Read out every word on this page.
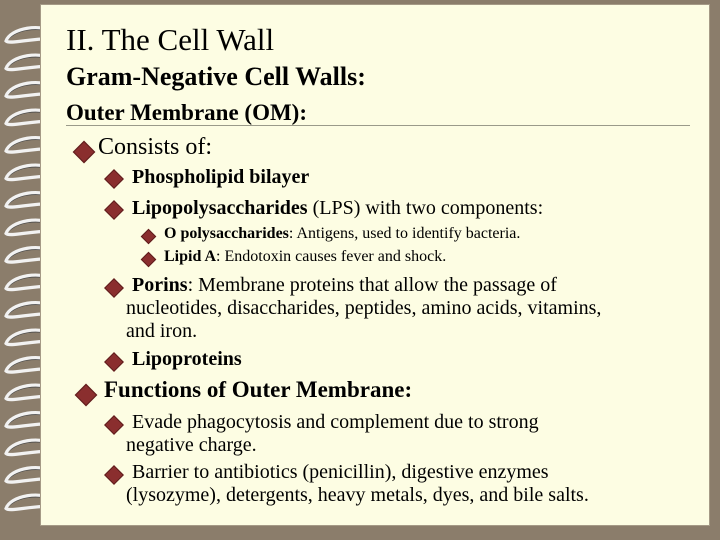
II. The Cell Wall
Gram-Negative Cell Walls:
Outer Membrane (OM):
Consists of:
Phospholipid bilayer
Lipopolysaccharides (LPS) with two components:
O polysaccharides: Antigens, used to identify bacteria.
Lipid A: Endotoxin causes fever and shock.
Porins: Membrane proteins that allow the passage of
nucleotides, disaccharides, peptides, amino acids, vitamins,
and iron.
Lipoproteins
Functions of Outer Membrane:
Evade phagocytosis and complement due to strong
negative charge.
Barrier to antibiotics (penicillin), digestive enzymes
(lysozyme), detergents, heavy metals, dyes, and bile salts.
